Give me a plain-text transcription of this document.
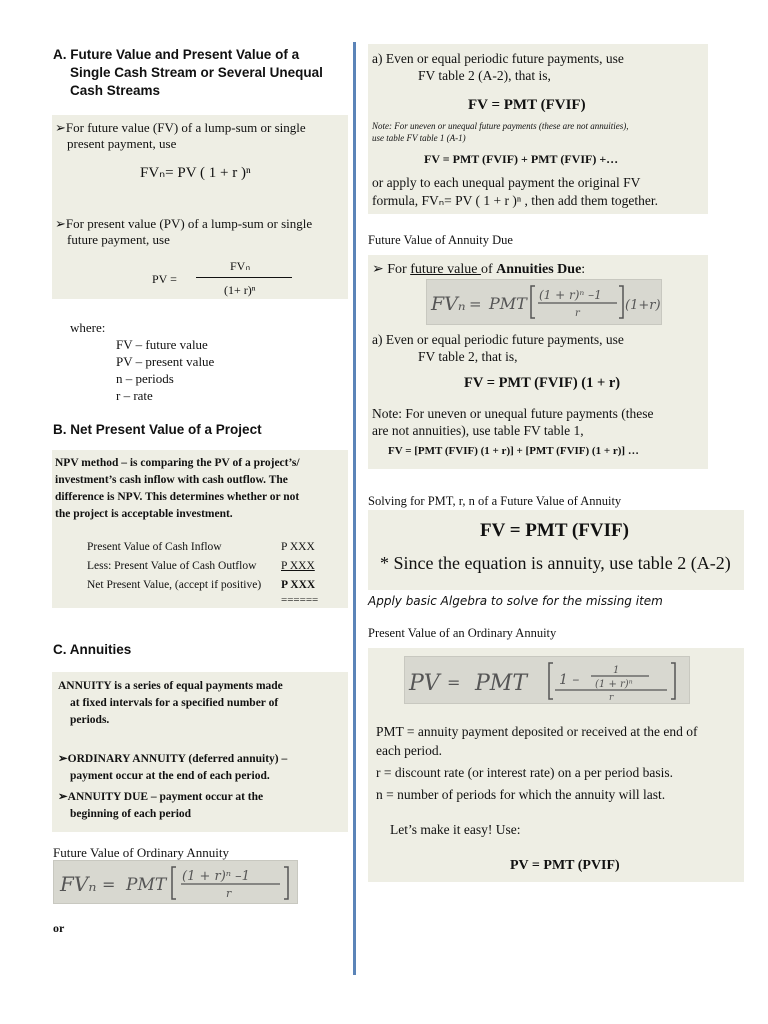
A. Future Value and Present Value of a
Single Cash Stream or Several Unequal
Cash Streams
➢For future value (FV) of a lump-sum or single
present payment, use
FVₙ= PV ( 1 + r )ⁿ
➢For present value (PV) of a lump-sum or single
future payment, use
PV =
FVₙ
(1+ r)ⁿ
where:
FV – future value
PV – present value
n – periods
r – rate
B. Net Present Value of a Project
NPV method – is comparing the PV of a project’s/
investment’s cash inflow with cash outflow. The
difference is NPV. This determines whether or not
the project is acceptable investment.
Present Value of Cash Inflow	P XXX
Less: Present Value of Cash Outflow P XXX
Net Present Value, (accept if positive) P XXX
======
C. Annuities
ANNUITY is a series of equal payments made
at fixed intervals for a specified number of
periods.
➢ORDINARY ANNUITY (deferred annuity) –
payment occur at the end of each period.
➢ANNUITY DUE – payment occur at the
beginning of each period
Future Value of Ordinary Annuity
FVₙ = PMT (1 + r)ⁿ –1
r
or
a) Even or equal periodic future payments, use
FV table 2 (A-2), that is,
FV = PMT (FVIF)
Note: For uneven or unequal future payments (these are not annuities),
use table FV table 1 (A-1)
FV = PMT (FVIF) + PMT (FVIF) +…
or apply to each unequal payment the original FV
formula, FVₙ= PV ( 1 + r )ⁿ , then add them together.
Future Value of Annuity Due
➢ For future value of Annuities Due:
FVₙ = PMT (1 + r)ⁿ –1
r
(1+r)
a) Even or equal periodic future payments, use
FV table 2, that is,
FV = PMT (FVIF) (1 + r)
Note: For uneven or unequal future payments (these
are not annuities), use table FV table 1,
FV = [PMT (FVIF) (1 + r)] + [PMT (FVIF) (1 + r)] …
Solving for PMT, r, n of a Future Value of Annuity
FV = PMT (FVIF)
* Since the equation is annuity, use table 2 (A-2)
Apply basic Algebra to solve for the missing item
Present Value of an Ordinary Annuity
PV = PMT 1 –
1
(1 + r)ⁿ
r
PMT = annuity payment deposited or received at the end of
each period.
r = discount rate (or interest rate) on a per period basis.
n = number of periods for which the annuity will last.
Let’s make it easy! Use:
PV = PMT (PVIF)
